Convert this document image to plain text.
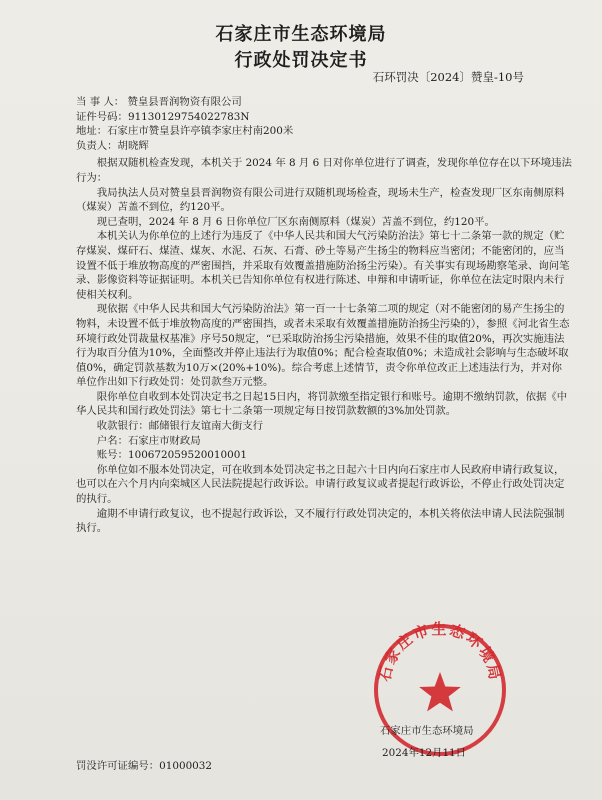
石家庄市生态环境局
行政处罚决定书
石环罚决〔2024〕赞皇-10号

当 事 人： 赞皇县晋润物资有限公司

证件号码：91130129754022783N

地址：石家庄市赞皇县许亭镇李家庄村南200米

负责人：胡晓辉

根据双随机检查发现，本机关于 2024 年 8 月 6 日对你单位进行了调查，发现你单位存在以下环境违法行为：

我局执法人员对赞皇县晋润物资有限公司进行双随机现场检查，现场未生产，检查发现厂区东南侧原料（煤炭）苫盖不到位，约120平。

现已查明，2024 年 8 月 6 日你单位厂区东南侧原料（煤炭）苫盖不到位，约120平。

本机关认为你单位的上述行为违反了《中华人民共和国大气污染防治法》第七十二条第一款的规定（贮存煤炭、煤矸石、煤渣、煤灰、水泥、石灰、石膏、砂土等易产生扬尘的物料应当密闭；不能密闭的，应当设置不低于堆放物高度的严密围挡，并采取有效覆盖措施防治扬尘污染）。有关事实有现场勘察笔录、询问笔录、影像资料等证据证明。本机关已告知你单位有权进行陈述、申辩和申请听证，你单位在法定时限内未行使相关权利。

现依据《中华人民共和国大气污染防治法》第一百一十七条第二项的规定（对不能密闭的易产生扬尘的物料，未设置不低于堆放物高度的严密围挡，或者未采取有效覆盖措施防治扬尘污染的），参照《河北省生态环境行政处罚裁量权基准》序号50规定，“已采取防治扬尘污染措施，效果不佳的取值20%，再次实施违法行为取百分值为10%，全面整改并停止违法行为取值0%；配合检查取值0%；未造成社会影响与生态破坏取值0%，确定罚款基数为10万×(20%+10%)。综合考虑上述情节，责令你单位改正上述违法行为，并对你单位作出如下行政处罚：处罚款叁万元整。

限你单位自收到本处罚决定书之日起15日内，将罚款缴至指定银行和账号。逾期不缴纳罚款，依据《中华人民共和国行政处罚法》第七十二条第一项规定每日按罚款数额的3%加处罚款。

收款银行：邮储银行友谊南大街支行

户名：石家庄市财政局

账号：100672059520010001

你单位如不服本处罚决定，可在收到本处罚决定书之日起六十日内向石家庄市人民政府申请行政复议，也可以在六个月内向栾城区人民法院提起行政诉讼。申请行政复议或者提起行政诉讼，不停止行政处罚决定的执行。

逾期不申请行政复议，也不提起行政诉讼，又不履行行政处罚决定的，本机关将依法申请人民法院强制执行。

石家庄市生态环境局
石家庄市生态环境局
2024年12月11日
罚没许可证编号：01000032
